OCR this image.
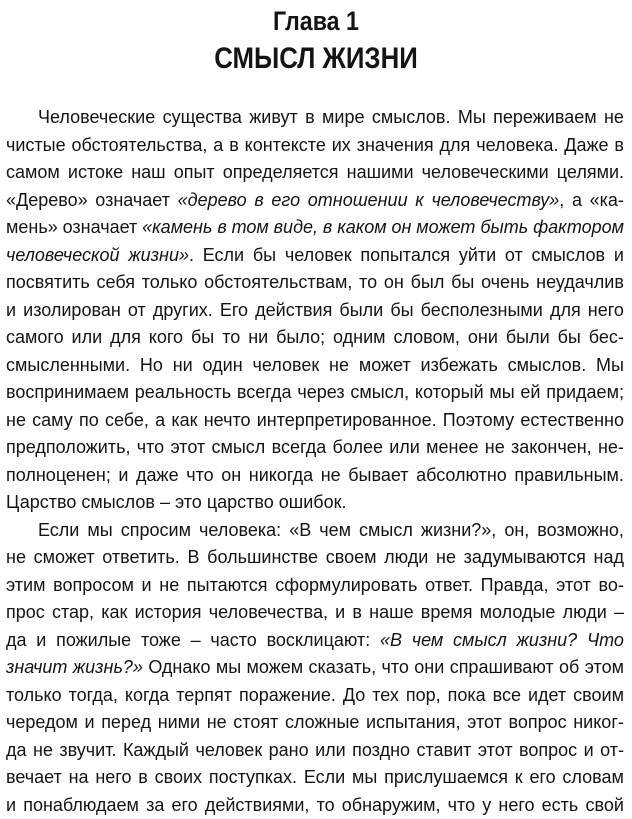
Глава 1
СМЫСЛ ЖИЗНИ
Человеческие существа живут в мире смыслов. Мы переживаем не
чистые обстоятельства, а в контексте их значения для человека. Даже в
самом истоке наш опыт определяется нашими человеческими целями.
«Дерево» означает «дерево в его отношении к человечеству», а «ка-
мень» означает «камень в том виде, в каком он может быть фактором
человеческой жизни». Если бы человек попытался уйти от смыслов и
посвятить себя только обстоятельствам, то он был бы очень неудачлив
и изолирован от других. Его действия были бы бесполезными для него
самого или для кого бы то ни было; одним словом, они были бы бес-
смысленными. Но ни один человек не может избежать смыслов. Мы
воспринимаем реальность всегда через смысл, который мы ей придаем;
не саму по себе, а как нечто интерпретированное. Поэтому естественно
предположить, что этот смысл всегда более или менее не закончен, не-
полноценен; и даже что он никогда не бывает абсолютно правильным.
Царство смыслов – это царство ошибок.
Если мы спросим человека: «В чем смысл жизни?», он, возможно,
не сможет ответить. В большинстве своем люди не задумываются над
этим вопросом и не пытаются сформулировать ответ. Правда, этот во-
прос стар, как история человечества, и в наше время молодые люди –
да и пожилые тоже – часто восклицают: «В чем смысл жизни? Что
значит жизнь?» Однако мы можем сказать, что они спрашивают об этом
только тогда, когда терпят поражение. До тех пор, пока все идет своим
чередом и перед ними не стоят сложные испытания, этот вопрос никог-
да не звучит. Каждый человек рано или поздно ставит этот вопрос и от-
вечает на него в своих поступках. Если мы прислушаемся к его словам
и понаблюдаем за его действиями, то обнаружим, что у него есть свой
